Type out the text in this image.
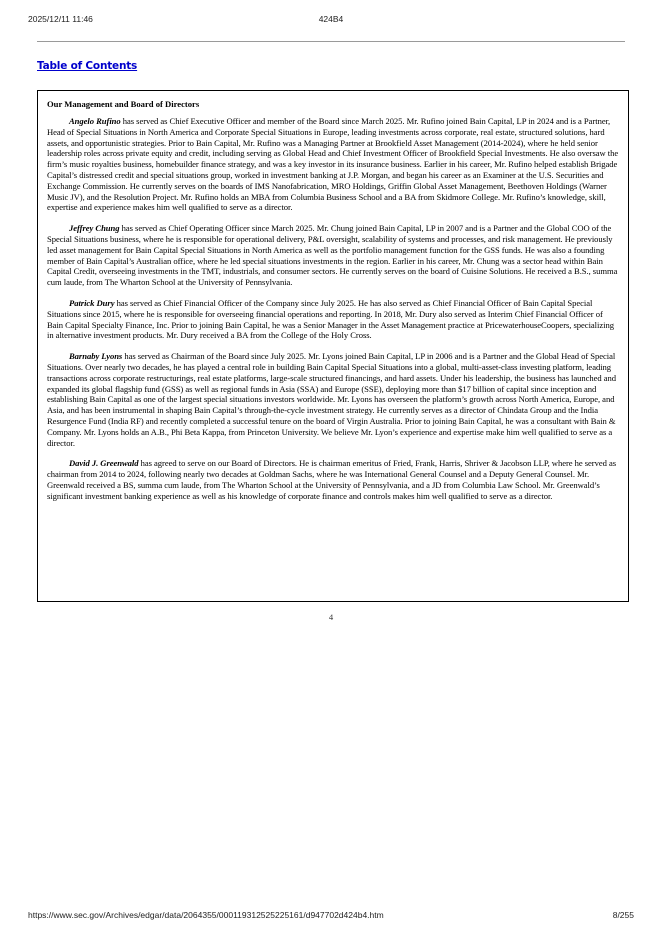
2025/12/11 11:46	424B4
Table of Contents
Our Management and Board of Directors

Angelo Rufino has served as Chief Executive Officer and member of the Board since March 2025. Mr. Rufino joined Bain Capital, LP in 2024 and is a Partner, Head of Special Situations in North America and Corporate Special Situations in Europe, leading investments across corporate, real estate, structured solutions, hard assets, and opportunistic strategies. Prior to Bain Capital, Mr. Rufino was a Managing Partner at Brookfield Asset Management (2014-2024), where he held senior leadership roles across private equity and credit, including serving as Global Head and Chief Investment Officer of Brookfield Special Investments. He also oversaw the firm’s music royalties business, homebuilder finance strategy, and was a key investor in its insurance business. Earlier in his career, Mr. Rufino helped establish Brigade Capital’s distressed credit and special situations group, worked in investment banking at J.P. Morgan, and began his career as an Examiner at the U.S. Securities and Exchange Commission. He currently serves on the boards of IMS Nanofabrication, MRO Holdings, Griffin Global Asset Management, Beethoven Holdings (Warner Music JV), and the Resolution Project. Mr. Rufino holds an MBA from Columbia Business School and a BA from Skidmore College. Mr. Rufino’s knowledge, skill, expertise and experience makes him well qualified to serve as a director.

Jeffrey Chung has served as Chief Operating Officer since March 2025. Mr. Chung joined Bain Capital, LP in 2007 and is a Partner and the Global COO of the Special Situations business, where he is responsible for operational delivery, P&L oversight, scalability of systems and processes, and risk management. He previously led asset management for Bain Capital Special Situations in North America as well as the portfolio management function for the GSS funds. He was also a founding member of Bain Capital’s Australian office, where he led special situations investments in the region. Earlier in his career, Mr. Chung was a sector head within Bain Capital Credit, overseeing investments in the TMT, industrials, and consumer sectors. He currently serves on the board of Cuisine Solutions. He received a B.S., summa cum laude, from The Wharton School at the University of Pennsylvania.

Patrick Dury has served as Chief Financial Officer of the Company since July 2025. He has also served as Chief Financial Officer of Bain Capital Special Situations since 2015, where he is responsible for overseeing financial operations and reporting. In 2018, Mr. Dury also served as Interim Chief Financial Officer of Bain Capital Specialty Finance, Inc. Prior to joining Bain Capital, he was a Senior Manager in the Asset Management practice at PricewaterhouseCoopers, specializing in alternative investment products. Mr. Dury received a BA from the College of the Holy Cross.

Barnaby Lyons has served as Chairman of the Board since July 2025. Mr. Lyons joined Bain Capital, LP in 2006 and is a Partner and the Global Head of Special Situations. Over nearly two decades, he has played a central role in building Bain Capital Special Situations into a global, multi-asset-class investing platform, leading transactions across corporate restructurings, real estate platforms, large-scale structured financings, and hard assets. Under his leadership, the business has launched and expanded its global flagship fund (GSS) as well as regional funds in Asia (SSA) and Europe (SSE), deploying more than $17 billion of capital since inception and establishing Bain Capital as one of the largest special situations investors worldwide. Mr. Lyons has overseen the platform’s growth across North America, Europe, and Asia, and has been instrumental in shaping Bain Capital’s through-the-cycle investment strategy. He currently serves as a director of Chindata Group and the India Resurgence Fund (India RF) and recently completed a successful tenure on the board of Virgin Australia. Prior to joining Bain Capital, he was a consultant with Bain & Company. Mr. Lyons holds an A.B., Phi Beta Kappa, from Princeton University. We believe Mr. Lyon’s experience and expertise make him well qualified to serve as a director.

David J. Greenwald has agreed to serve on our Board of Directors. He is chairman emeritus of Fried, Frank, Harris, Shriver & Jacobson LLP, where he served as chairman from 2014 to 2024, following nearly two decades at Goldman Sachs, where he was International General Counsel and a Deputy General Counsel. Mr. Greenwald received a BS, summa cum laude, from The Wharton School at the University of Pennsylvania, and a JD from Columbia Law School. Mr. Greenwald’s significant investment banking experience as well as his knowledge of corporate finance and controls makes him well qualified to serve as a director.

4
https://www.sec.gov/Archives/edgar/data/2064355/000119312525225161/d947702d424b4.htm	8/255
